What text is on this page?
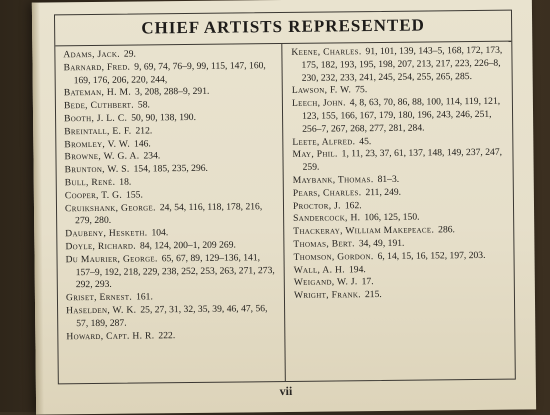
CHIEF ARTISTS REPRESENTED

Adams, Jack. 29.

Barnard, Fred. 9, 69, 74, 76–9, 99, 115, 147, 160, 169, 176, 206, 220, 244,

Bateman, H. M. 3, 208, 288–9, 291.

Bede, Cuthbert. 58.

Booth, J. L. C. 50, 90, 138, 190.

Breintall, E. F. 212.

Bromley, V. W. 146.

Browne, W. G. A. 234.

Brunton, W. S. 154, 185, 235, 296.

Bull, René. 18.

Cooper, T. G. 155.

Cruikshank, George. 24, 54, 116, 118, 178, 216, 279, 280.

Daubeny, Hesketh. 104.

Doyle, Richard. 84, 124, 200–1, 209 269.

Du Maurier, George. 65, 67, 89, 129–136, 141, 157–9, 192, 218, 229, 238, 252, 253, 263, 271, 273, 292, 293.

Griset, Ernest. 161.

Haselden, W. K. 25, 27, 31, 32, 35, 39, 46, 47, 56, 57, 189, 287.

Howard, Capt. H. R. 222.

Keene, Charles. 91, 101, 139, 143–5, 168, 172, 173, 175, 182, 193, 195, 198, 207, 213, 217, 223, 226–8, 230, 232, 233, 241, 245, 254, 255, 265, 285.

Lawson, F. W. 75.

Leech, John. 4, 8, 63, 70, 86, 88, 100, 114, 119, 121, 123, 155, 166, 167, 179, 180, 196, 243, 246, 251, 256–7, 267, 268, 277, 281, 284.

Leete, Alfred. 45.

May, Phil. 1, 11, 23, 37, 61, 137, 148, 149, 237, 247, 259.

Maybank, Thomas. 81–3.

Pears, Charles. 211, 249.

Proctor, J. 162.

Sandercock, H. 106, 125, 150.

Thackeray, William Makepeace. 286.

Thomas, Bert. 34, 49, 191.

Thomson, Gordon. 6, 14, 15, 16, 152, 197, 203.

Wall, A. H. 194.

Weigand, W. J. 17.

Wright, Frank. 215.

vii
